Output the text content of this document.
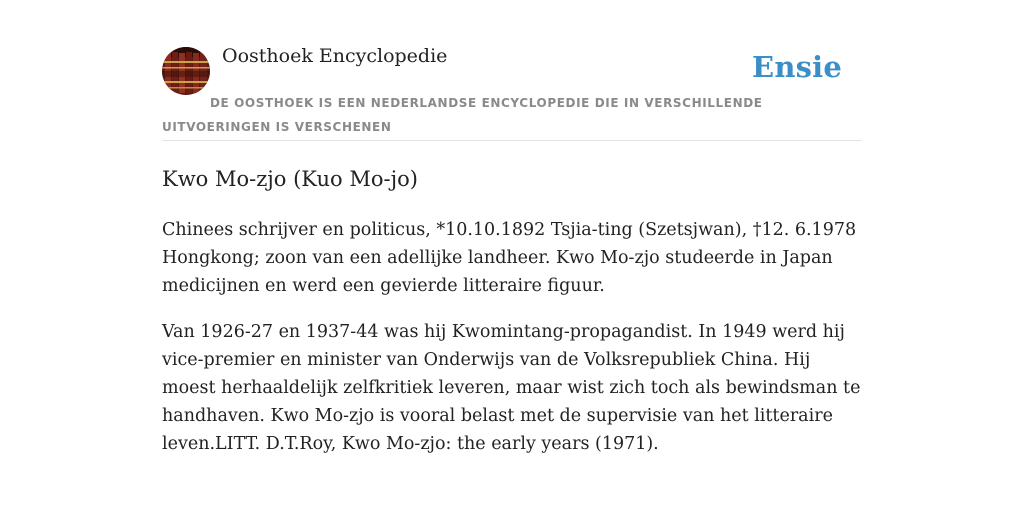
Oosthoek Encyclopedie	Ensie
DE OOSTHOEK IS EEN NEDERLANDSE ENCYCLOPEDIE DIE IN VERSCHILLENDE UITVOERINGEN IS VERSCHENEN
Kwo Mo-zjo (Kuo Mo-jo)

Chinees schrijver en politicus, *10.10.1892 Tsjia-ting (Szetsjwan), †12. 6.1978 Hongkong; zoon van een adellijke landheer. Kwo Mo-zjo studeerde in Japan medicijnen en werd een gevierde litteraire figuur.

Van 1926-27 en 1937-44 was hij Kwomintang-propagandist. In 1949 werd hij vice-premier en minister van Onderwijs van de Volksrepubliek China. Hij moest herhaaldelijk zelfkritiek leveren, maar wist zich toch als bewindsman te handhaven. Kwo Mo-zjo is vooral belast met de supervisie van het litteraire leven.LITT. D.T.Roy, Kwo Mo-zjo: the early years (1971).
